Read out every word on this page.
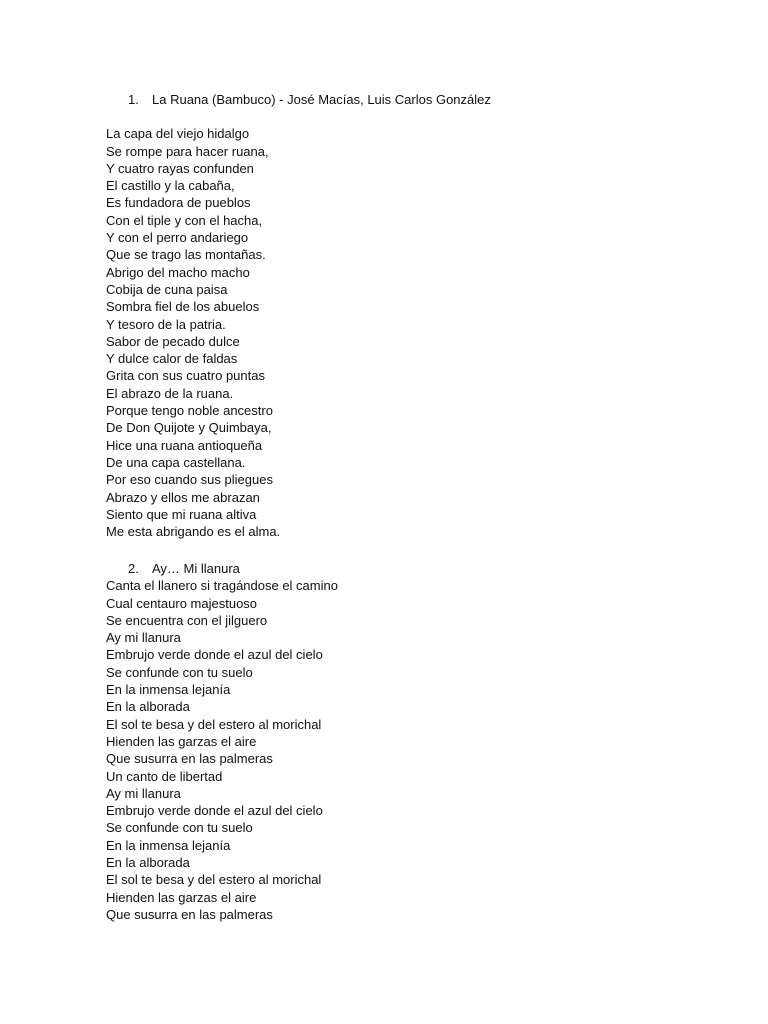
1.	La Ruana (Bambuco) - José Macías, Luis Carlos González
La capa del viejo hidalgo
Se rompe para hacer ruana,
Y cuatro rayas confunden
El castillo y la cabaña,
Es fundadora de pueblos
Con el tiple y con el hacha,
Y con el perro andariego
Que se trago las montañas.
Abrigo del macho macho
Cobija de cuna paisa
Sombra fiel de los abuelos
Y tesoro de la patria.
Sabor de pecado dulce
Y dulce calor de faldas
Grita con sus cuatro puntas
El abrazo de la ruana.
Porque tengo noble ancestro
De Don Quijote y Quimbaya,
Hice una ruana antioqueña
De una capa castellana.
Por eso cuando sus pliegues
Abrazo y ellos me abrazan
Siento que mi ruana altiva
Me esta abrigando es el alma.
2.	Ay… Mi llanura
Canta el llanero si tragándose el camino
Cual centauro majestuoso
Se encuentra con el jilguero
Ay mi llanura
Embrujo verde donde el azul del cielo
Se confunde con tu suelo
En la inmensa lejanía
En la alborada
El sol te besa y del estero al morichal
Hienden las garzas el aire
Que susurra en las palmeras
Un canto de libertad
Ay mi llanura
Embrujo verde donde el azul del cielo
Se confunde con tu suelo
En la inmensa lejanía
En la alborada
El sol te besa y del estero al morichal
Hienden las garzas el aire
Que susurra en las palmeras
